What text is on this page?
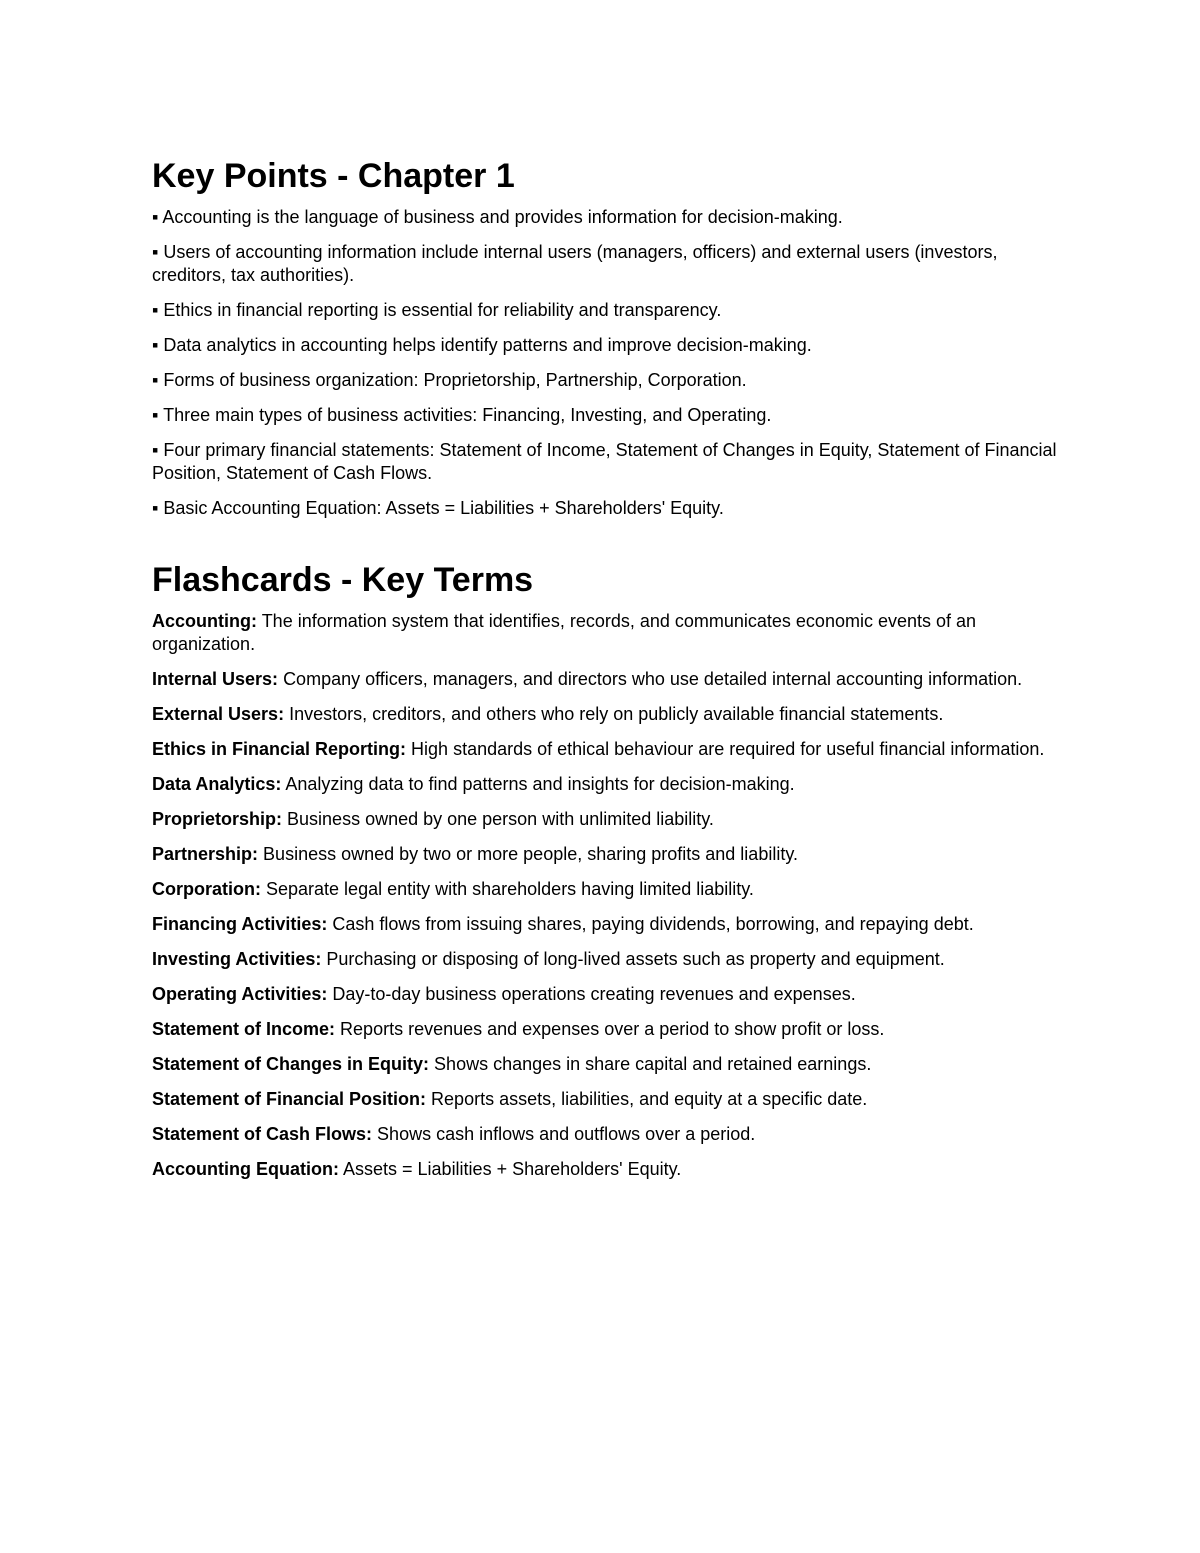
Key Points - Chapter 1
▪ Accounting is the language of business and provides information for decision-making.
▪ Users of accounting information include internal users (managers, officers) and external users (investors, creditors, tax authorities).
▪ Ethics in financial reporting is essential for reliability and transparency.
▪ Data analytics in accounting helps identify patterns and improve decision-making.
▪ Forms of business organization: Proprietorship, Partnership, Corporation.
▪ Three main types of business activities: Financing, Investing, and Operating.
▪ Four primary financial statements: Statement of Income, Statement of Changes in Equity, Statement of Financial Position, Statement of Cash Flows.
▪ Basic Accounting Equation: Assets = Liabilities + Shareholders' Equity.
Flashcards - Key Terms
Accounting: The information system that identifies, records, and communicates economic events of an organization.
Internal Users: Company officers, managers, and directors who use detailed internal accounting information.
External Users: Investors, creditors, and others who rely on publicly available financial statements.
Ethics in Financial Reporting: High standards of ethical behaviour are required for useful financial information.
Data Analytics: Analyzing data to find patterns and insights for decision-making.
Proprietorship: Business owned by one person with unlimited liability.
Partnership: Business owned by two or more people, sharing profits and liability.
Corporation: Separate legal entity with shareholders having limited liability.
Financing Activities: Cash flows from issuing shares, paying dividends, borrowing, and repaying debt.
Investing Activities: Purchasing or disposing of long-lived assets such as property and equipment.
Operating Activities: Day-to-day business operations creating revenues and expenses.
Statement of Income: Reports revenues and expenses over a period to show profit or loss.
Statement of Changes in Equity: Shows changes in share capital and retained earnings.
Statement of Financial Position: Reports assets, liabilities, and equity at a specific date.
Statement of Cash Flows: Shows cash inflows and outflows over a period.
Accounting Equation: Assets = Liabilities + Shareholders' Equity.
